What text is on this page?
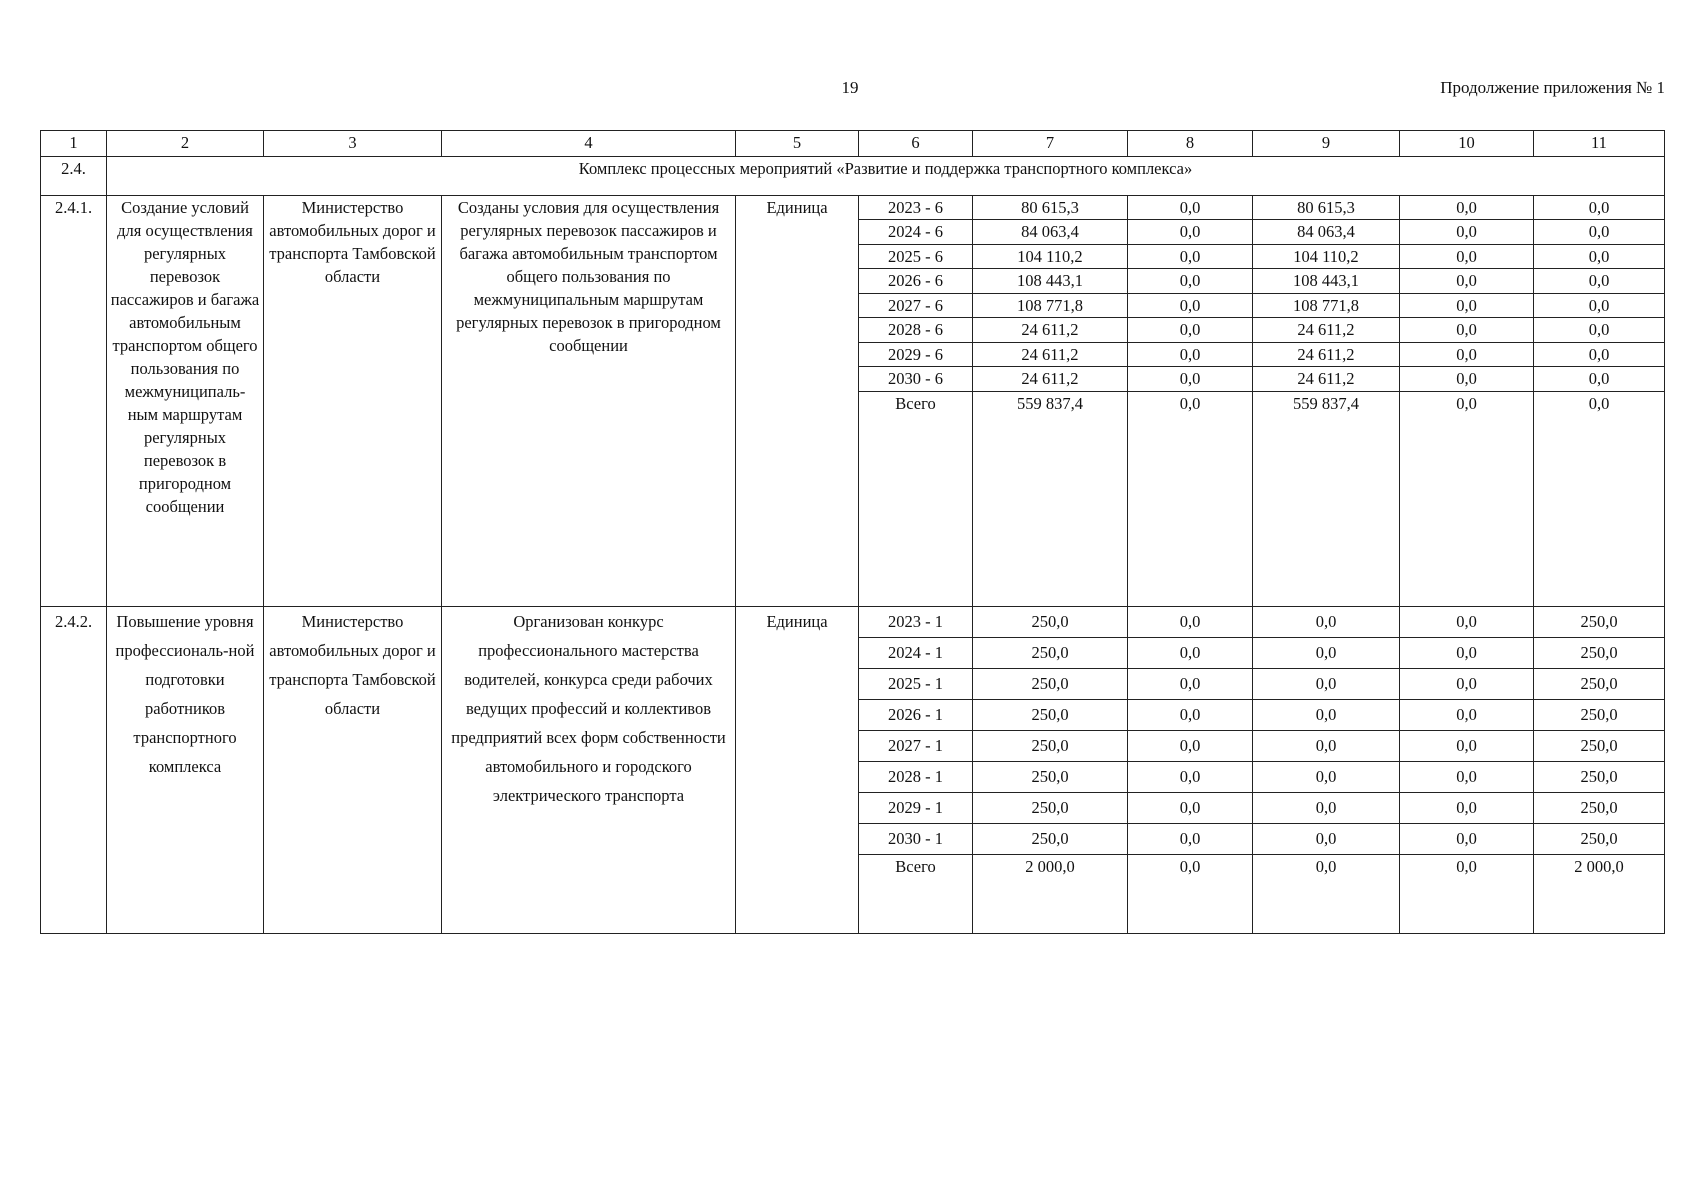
19	Продолжение приложения № 1
1	2	3	4	5	6	7	8	9	10	11
2.4.	Комплекс процессных мероприятий «Развитие и поддержка транспортного комплекса»									
2.4.1.	Создание условий для осуществления регулярных перевозок пассажиров и багажа автомобильным транспортом общего пользования по межмуниципаль-ным маршрутам регулярных перевозок в пригородном сообщении	Министерство автомобильных дорог и транспорта Тамбовской области	Созданы условия для осуществления регулярных перевозок пассажиров и багажа автомобильным транспортом общего пользования по межмуниципальным маршрутам регулярных перевозок в пригородном сообщении	Единица	2023 - 6	80 615,3	0,0	80 615,3	0,0	0,0
					2024 - 6	84 063,4	0,0	84 063,4	0,0	0,0
					2025 - 6	104 110,2	0,0	104 110,2	0,0	0,0
					2026 - 6	108 443,1	0,0	108 443,1	0,0	0,0
					2027 - 6	108 771,8	0,0	108 771,8	0,0	0,0
					2028 - 6	24 611,2	0,0	24 611,2	0,0	0,0
					2029 - 6	24 611,2	0,0	24 611,2	0,0	0,0
					2030 - 6	24 611,2	0,0	24 611,2	0,0	0,0
					Всего	559 837,4	0,0	559 837,4	0,0	0,0
2.4.2.	Повышение уровня профессиональ-ной подготовки работников транспортного комплекса	Министерство автомобильных дорог и транспорта Тамбовской области	Организован конкурс профессионального мастерства водителей, конкурса среди рабочих ведущих профессий и коллективов предприятий всех форм собственности автомобильного и городского электрического транспорта	Единица	2023 - 1	250,0	0,0	0,0	0,0	250,0
					2024 - 1	250,0	0,0	0,0	0,0	250,0
					2025 - 1	250,0	0,0	0,0	0,0	250,0
					2026 - 1	250,0	0,0	0,0	0,0	250,0
					2027 - 1	250,0	0,0	0,0	0,0	250,0
					2028 - 1	250,0	0,0	0,0	0,0	250,0
					2029 - 1	250,0	0,0	0,0	0,0	250,0
					2030 - 1	250,0	0,0	0,0	0,0	250,0
					Всего	2 000,0	0,0	0,0	0,0	2 000,0
